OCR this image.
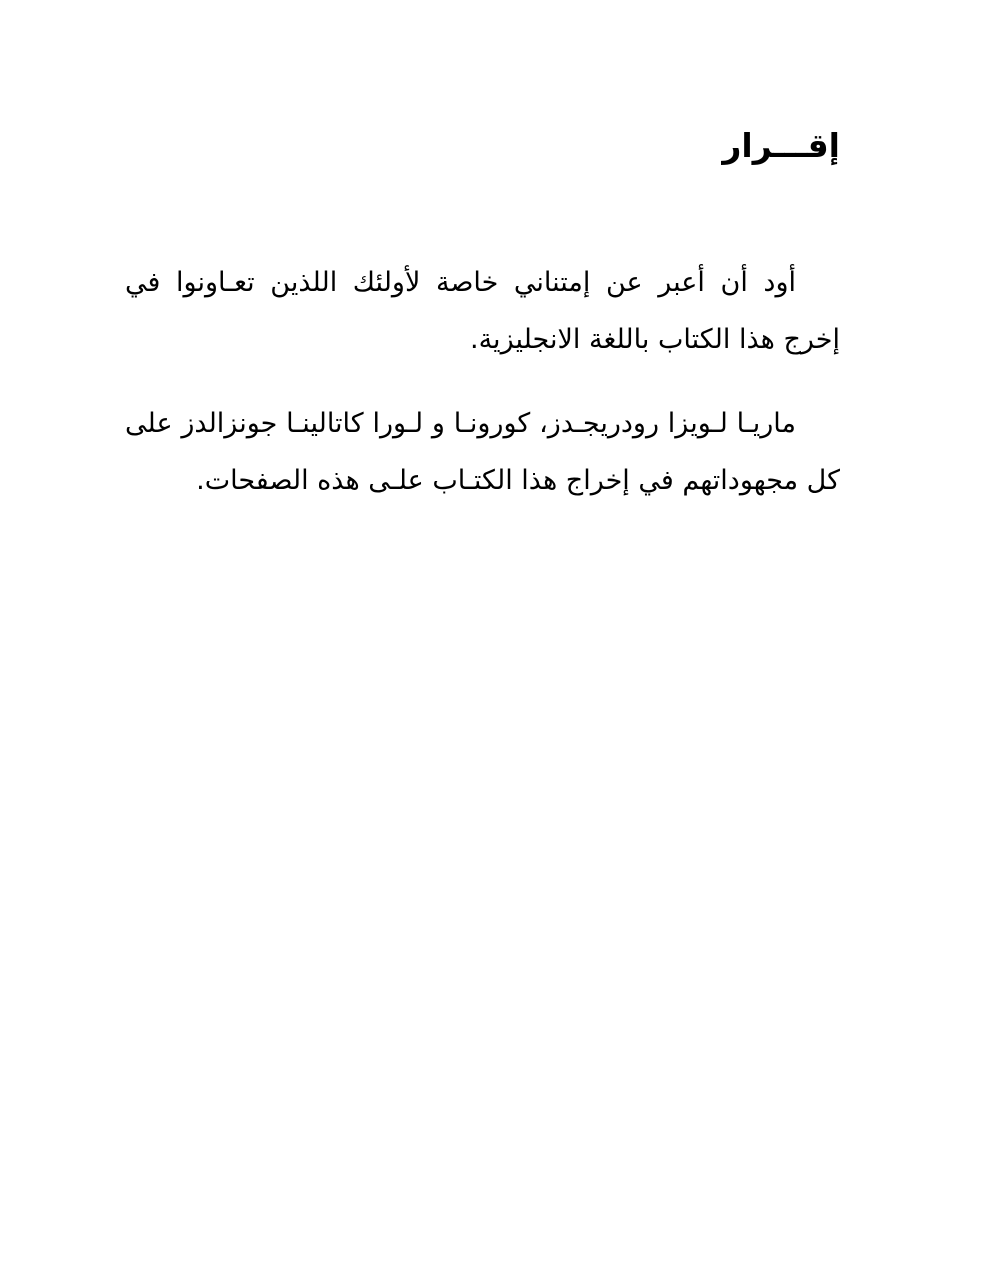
إقـــرار

أود أن أعبر عن إمتناني خاصة لأولئك اللذين تعـاونوا في إخرج هذا الكتاب باللغة الانجليزية.

ماريـا لـويزا رودريجـدز، كورونـا و لـورا كاتالينـا جونزالدز على كل مجهوداتهم في إخراج هذا الكتـاب علـى هذه الصفحات.
